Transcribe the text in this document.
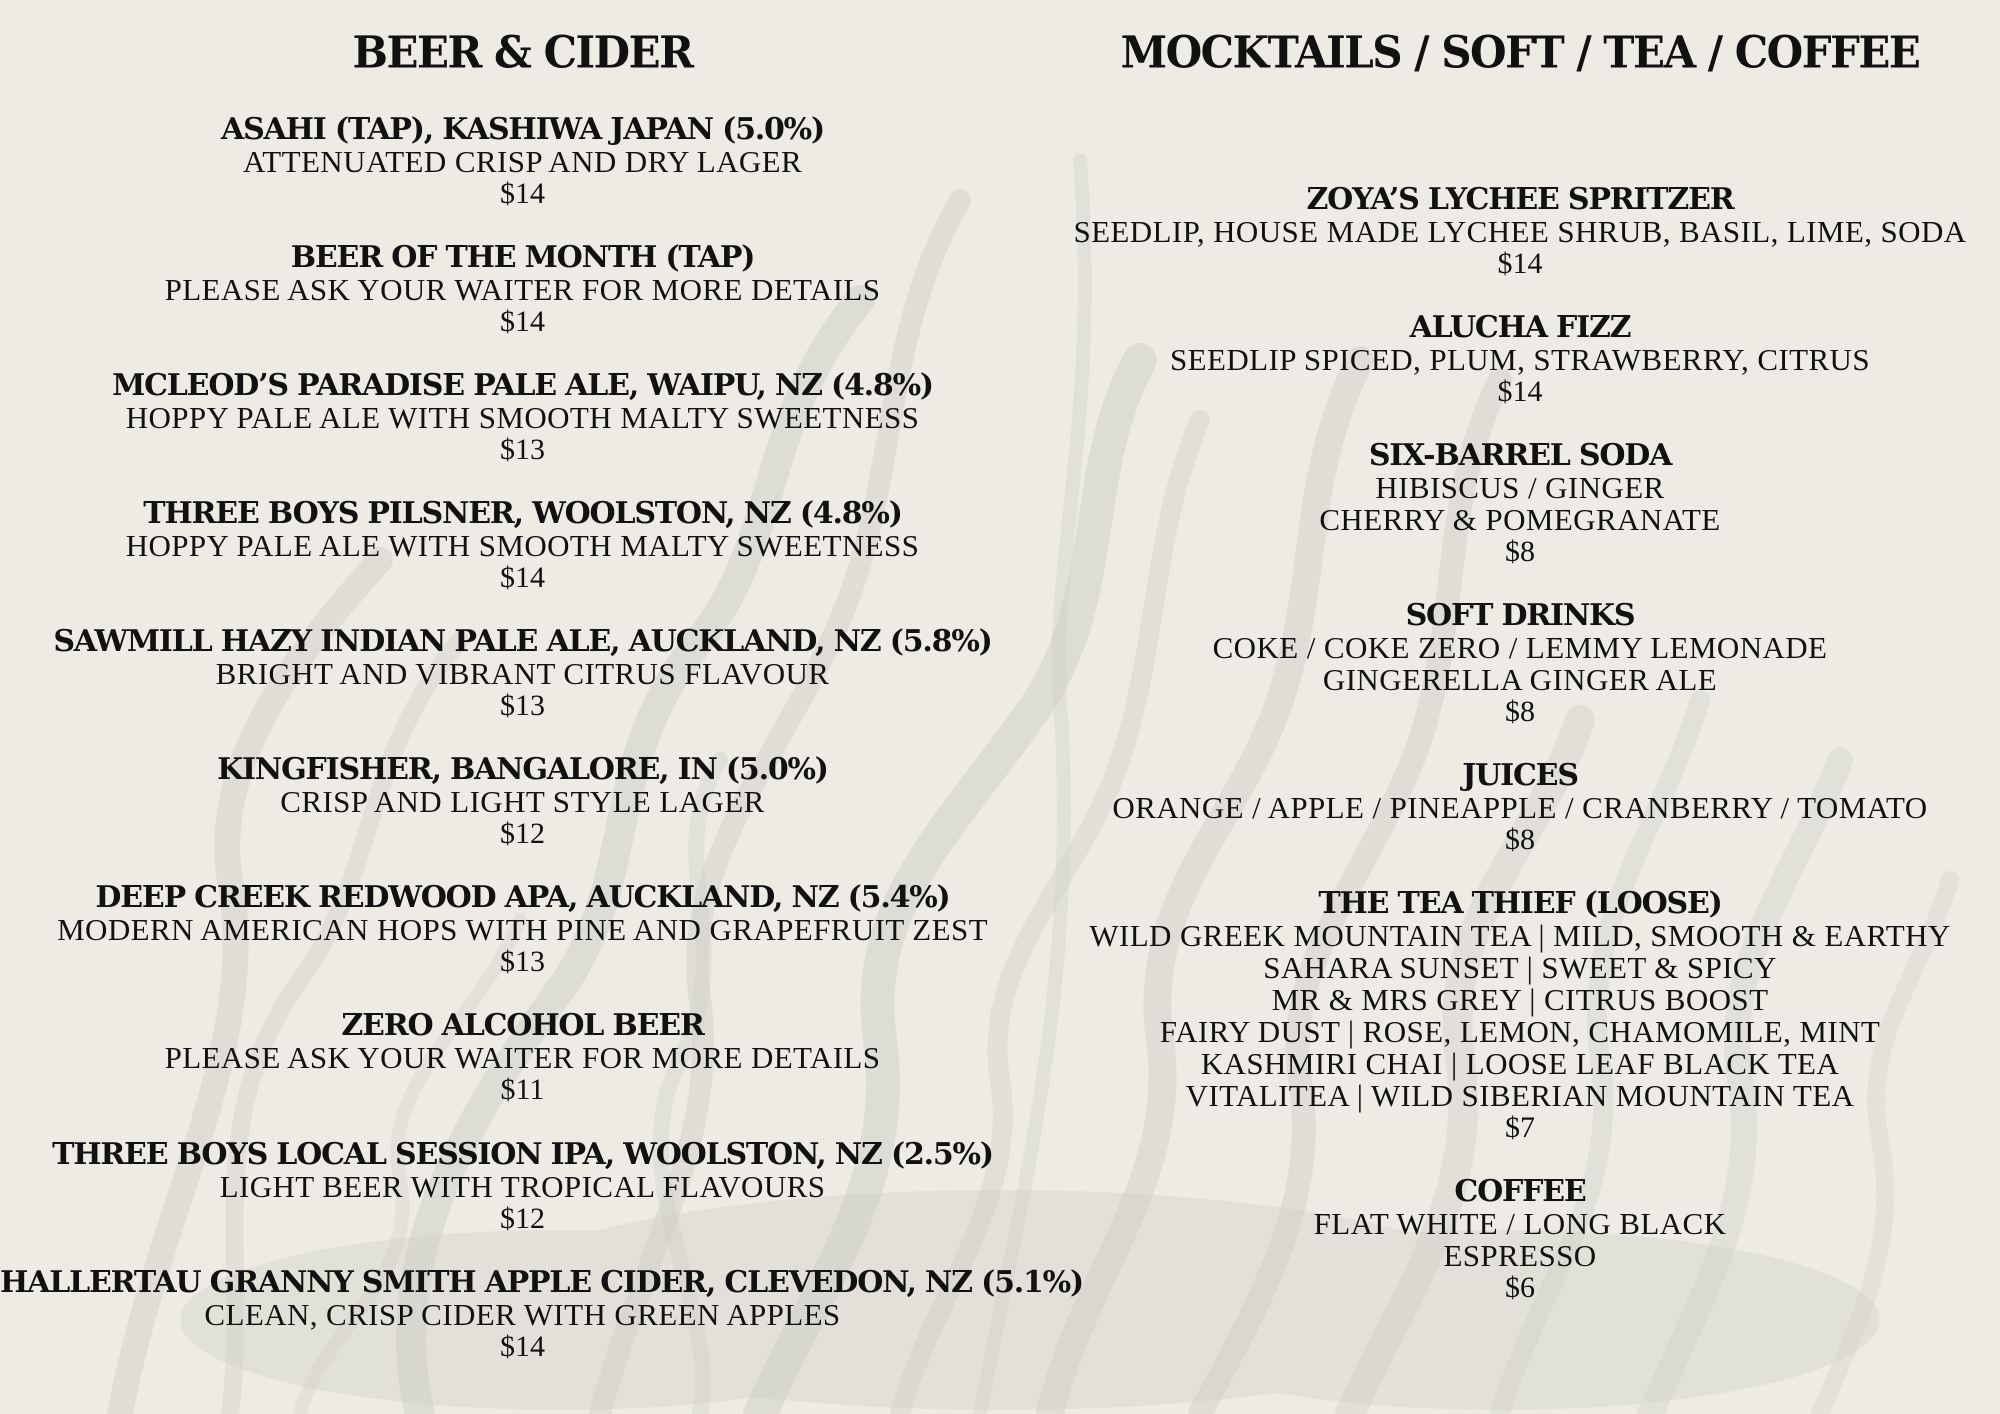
BEER & CIDER
ASAHI (TAP), KASHIWA JAPAN (5.0%)
ATTENUATED CRISP AND DRY LAGER
$14
BEER OF THE MONTH (TAP)
PLEASE ASK YOUR WAITER FOR MORE DETAILS
$14
MCLEOD’S PARADISE PALE ALE, WAIPU, NZ (4.8%)
HOPPY PALE ALE WITH SMOOTH MALTY SWEETNESS
$13
THREE BOYS PILSNER, WOOLSTON, NZ (4.8%)
HOPPY PALE ALE WITH SMOOTH MALTY SWEETNESS
$14
SAWMILL HAZY INDIAN PALE ALE, AUCKLAND, NZ (5.8%)
BRIGHT AND VIBRANT CITRUS FLAVOUR
$13
KINGFISHER, BANGALORE, IN (5.0%)
CRISP AND LIGHT STYLE LAGER
$12
DEEP CREEK REDWOOD APA, AUCKLAND, NZ (5.4%)
MODERN AMERICAN HOPS WITH PINE AND GRAPEFRUIT ZEST
$13
ZERO ALCOHOL BEER
PLEASE ASK YOUR WAITER FOR MORE DETAILS
$11
THREE BOYS LOCAL SESSION IPA, WOOLSTON, NZ (2.5%)
LIGHT BEER WITH TROPICAL FLAVOURS
$12
HALLERTAU GRANNY SMITH APPLE CIDER, CLEVEDON, NZ (5.1%)
CLEAN, CRISP CIDER WITH GREEN APPLES
$14
MOCKTAILS / SOFT / TEA / COFFEE
ZOYA’S LYCHEE SPRITZER
SEEDLIP, HOUSE MADE LYCHEE SHRUB, BASIL, LIME, SODA
$14
ALUCHA FIZZ
SEEDLIP SPICED, PLUM, STRAWBERRY, CITRUS
$14
SIX-BARREL SODA
HIBISCUS / GINGER
CHERRY & POMEGRANATE
$8
SOFT DRINKS
COKE / COKE ZERO / LEMMY LEMONADE
GINGERELLA GINGER ALE
$8
JUICES
ORANGE / APPLE / PINEAPPLE / CRANBERRY / TOMATO
$8
THE TEA THIEF (LOOSE)
WILD GREEK MOUNTAIN TEA | MILD, SMOOTH & EARTHY
SAHARA SUNSET | SWEET & SPICY
MR & MRS GREY | CITRUS BOOST
FAIRY DUST | ROSE, LEMON, CHAMOMILE, MINT
KASHMIRI CHAI | LOOSE LEAF BLACK TEA
VITALITEA | WILD SIBERIAN MOUNTAIN TEA
$7
COFFEE
FLAT WHITE / LONG BLACK
ESPRESSO
$6
